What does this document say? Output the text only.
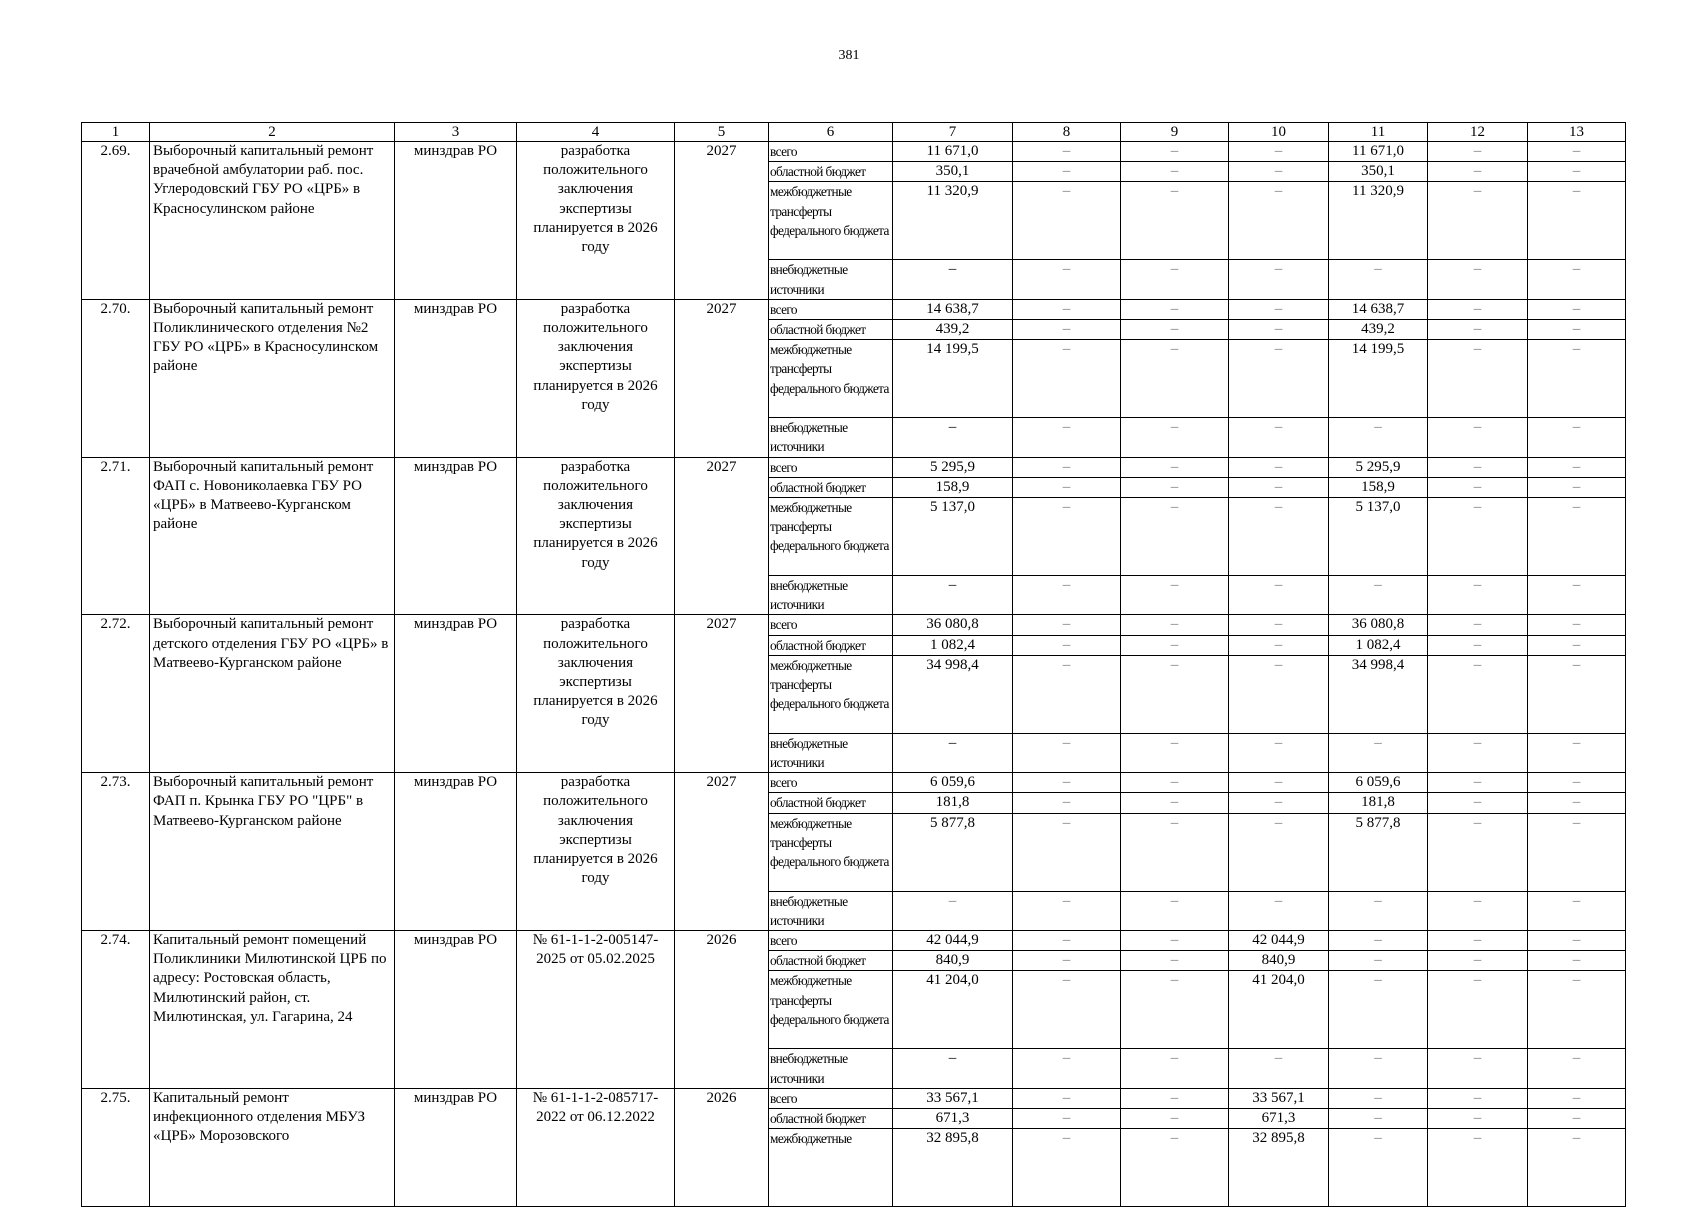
381
1	2	3	4	5	6	7	8	9	10	11	12	13
2.69.	Выборочный капитальный ремонт врачебной амбулатории раб. пос. Углеродовский ГБУ РО «ЦРБ» в Красносулинском районе	минздрав РО	разработка положительного заключения экспертизы планируется в 2026 году	2027	всего	11 671,0	–	–	–	11 671,0	–	–
					областной бюджет	350,1	–	–	–	350,1	–	–
					межбюджетные трансферты федерального бюджета	11 320,9	–	–	–	11 320,9	–	–
					внебюджетные источники	–	–	–	–	–	–	–
2.70.	Выборочный капитальный ремонт Поликлинического отделения №2 ГБУ РО «ЦРБ» в Красносулинском районе	минздрав РО	разработка положительного заключения экспертизы планируется в 2026 году	2027	всего	14 638,7	–	–	–	14 638,7	–	–
					областной бюджет	439,2	–	–	–	439,2	–	–
					межбюджетные трансферты федерального бюджета	14 199,5	–	–	–	14 199,5	–	–
					внебюджетные источники	–	–	–	–	–	–	–
2.71.	Выборочный капитальный ремонт ФАП с. Новониколаевка ГБУ РО «ЦРБ» в Матвеево-Курганском районе	минздрав РО	разработка положительного заключения экспертизы планируется в 2026 году	2027	всего	5 295,9	–	–	–	5 295,9	–	–
					областной бюджет	158,9	–	–	–	158,9	–	–
					межбюджетные трансферты федерального бюджета	5 137,0	–	–	–	5 137,0	–	–
					внебюджетные источники	–	–	–	–	–	–	–
2.72.	Выборочный капитальный ремонт детского отделения ГБУ РО «ЦРБ» в Матвеево-Курганском районе	минздрав РО	разработка положительного заключения экспертизы планируется в 2026 году	2027	всего	36 080,8	–	–	–	36 080,8	–	–
					областной бюджет	1 082,4	–	–	–	1 082,4	–	–
					межбюджетные трансферты федерального бюджета	34 998,4	–	–	–	34 998,4	–	–
					внебюджетные источники	–	–	–	–	–	–	–
2.73.	Выборочный капитальный ремонт ФАП п. Крынка ГБУ РО "ЦРБ" в Матвеево-Курганском районе	минздрав РО	разработка положительного заключения экспертизы планируется в 2026 году	2027	всего	6 059,6	–	–	–	6 059,6	–	–
					областной бюджет	181,8	–	–	–	181,8	–	–
					межбюджетные трансферты федерального бюджета	5 877,8	–	–	–	5 877,8	–	–
					внебюджетные источники	–	–	–	–	–	–	–
2.74.	Капитальный ремонт помещений Поликлиники Милютинской ЦРБ по адресу: Ростовская область, Милютинский район, ст. Милютинская, ул. Гагарина, 24	минздрав РО	№ 61-1-1-2-005147-2025 от 05.02.2025	2026	всего	42 044,9	–	–	42 044,9	–	–	–
					областной бюджет	840,9	–	–	840,9	–	–	–
					межбюджетные трансферты федерального бюджета	41 204,0	–	–	41 204,0	–	–	–
					внебюджетные источники	–	–	–	–	–	–	–
2.75.	Капитальный ремонт инфекционного отделения МБУЗ «ЦРБ» Морозовского	минздрав РО	№ 61-1-1-2-085717-2022 от 06.12.2022	2026	всего	33 567,1	–	–	33 567,1	–	–	–
					областной бюджет	671,3	–	–	671,3	–	–	–
					межбюджетные	32 895,8	–	–	32 895,8	–	–	–
